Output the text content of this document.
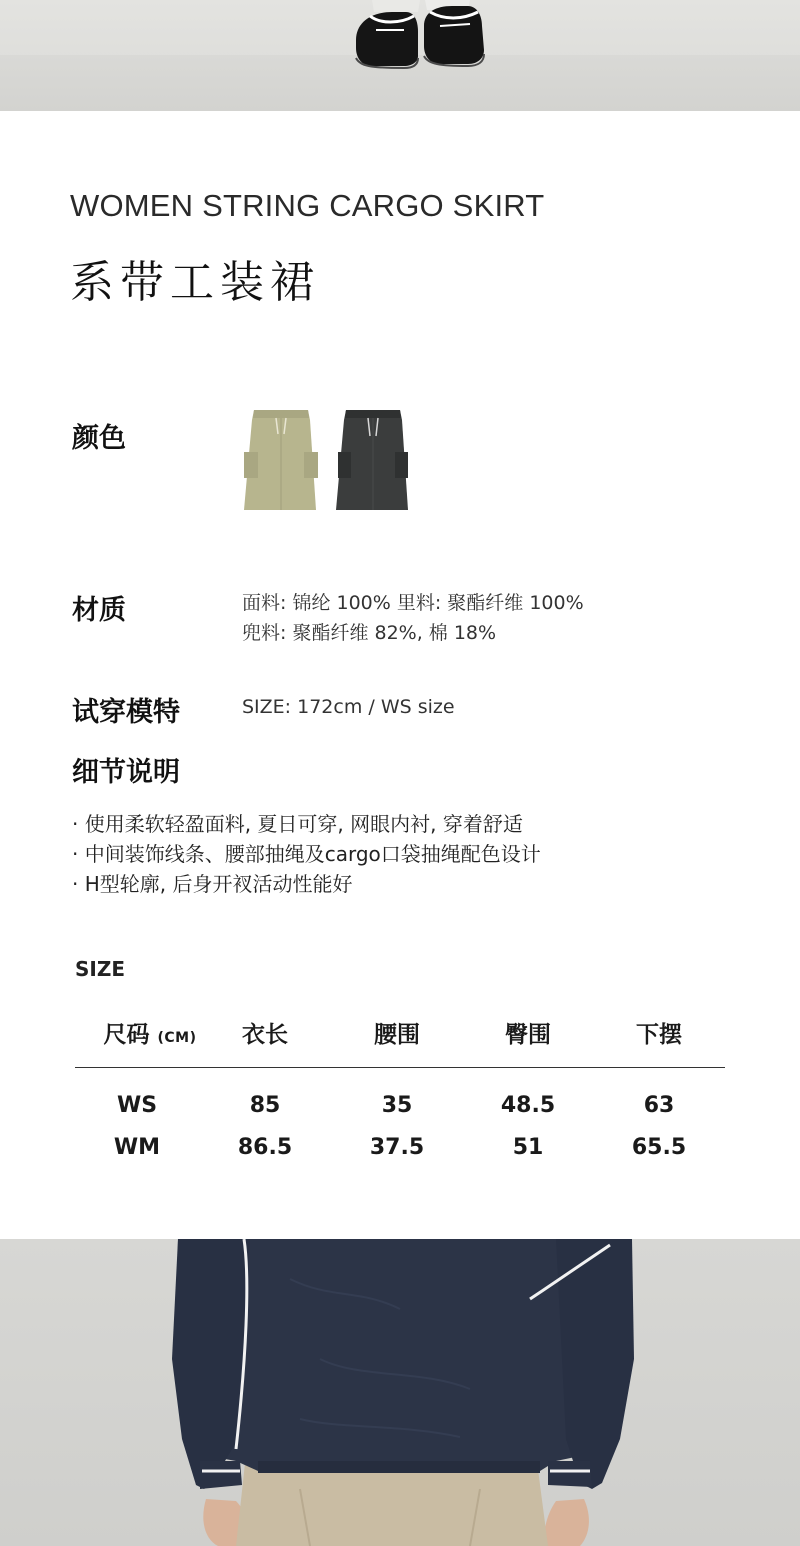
WOMEN STRING CARGO SKIRT
系带工装裙
颜色
材质	面料: 锦纶 100% 里料: 聚酯纤维 100%
兜料: 聚酯纤维 82%, 棉 18%
试穿模特	SIZE: 172cm / WS size
细节说明
· 使用柔软轻盈面料, 夏日可穿, 网眼内衬, 穿着舒适
· 中间装饰线条、腰部抽绳及cargo口袋抽绳配色设计
· H型轮廓, 后身开衩活动性能好
SIZE
尺码 (CM)	衣长	腰围	臀围	下摆
WS	85	35	48.5	63
WM	86.5	37.5	51	65.5
